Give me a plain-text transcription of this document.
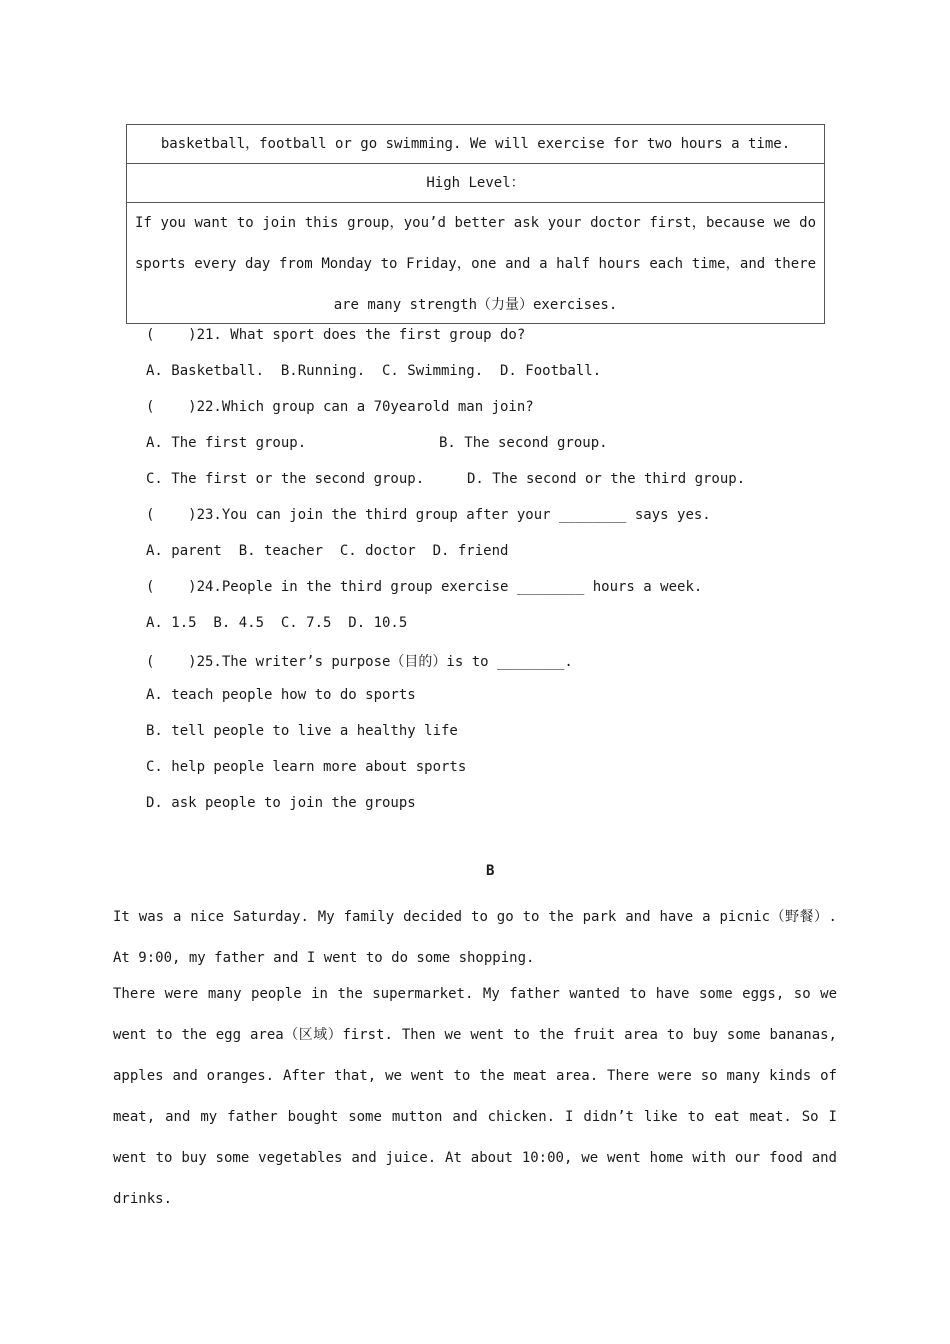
basketball，football or go swimming. We will exercise for two hours a time.
High Level：
If you want to join this group，you’d better ask your doctor first，because we do sports every day from Monday to Friday，one and a half hours each time，and there are many strength（力量）exercises.
(    )21. What sport does the first group do?
A. Basketball.  B.Running.  C. Swimming.  D. Football.
(    )22.Which group can a 70yearold man join?
A. The first group.	B. The second group.
C. The first or the second group.	D. The second or the third group.
(    )23.You can join the third group after your ________ says yes.
A. parent  B. teacher  C. doctor  D. friend
(    )24.People in the third group exercise ________ hours a week.
A. 1.5  B. 4.5  C. 7.5  D. 10.5
(    )25.The writer’s purpose（目的）is to ________.
A. teach people how to do sports
B. tell people to live a healthy life
C. help people learn more about sports
D. ask people to join the groups
B
It was a nice Saturday. My family decided to go to the park and have a picnic（野餐）. At 9:00, my father and I went to do some shopping.
There were many people in the supermarket. My father wanted to have some eggs, so we went to the egg area（区域）first. Then we went to the fruit area to buy some bananas, apples and oranges. After that, we went to the meat area. There were so many kinds of meat, and my father bought some mutton and chicken. I didn’t like to eat meat. So I went to buy some vegetables and juice. At about 10:00, we went home with our food and drinks.
